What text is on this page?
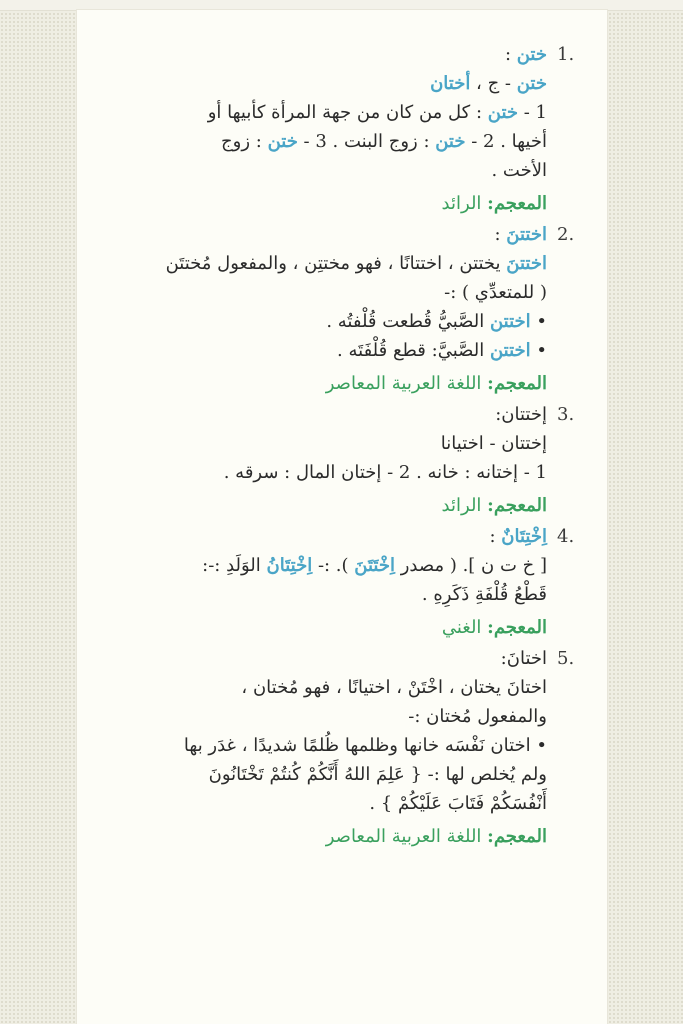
1.
ختن :
ختن - ج ، أختان
1 - ختن : كل من كان من جهة المرأة كأبيها أو
أخيها . 2 - ختن : زوج البنت . 3 - ختن : زوج
الأخت .
المعجم: الرائد
2.
اختتنَ :
اختتنَ يختتن ، اختتانًا ، فهو مختتِن ، والمفعول مُختتَن
( للمتعدِّي ) :-
• اختتن الصَّبيُّ قُطعت قُلْفتُه .
• اختتن الصَّبيَّ: قطع قُلْفَتَه .
المعجم: اللغة العربية المعاصر
3.
إختتان:
إختتان - اختيانا
1 - إختانه : خانه . 2 - إختان المال : سرقه .
المعجم: الرائد
4.
اِخْتِتَانٌ :
[ خ ت ن ]. ( مصدر اِخْتَتَنَ ). :- اِخْتِتَانُ الوَلَدِ :-:
قَطْعُ قُلْفَةِ ذَكَرِهِ .
المعجم: الغني
5.
اختانَ:
اختانَ يختان ، اخْتَنْ ، اختيانًا ، فهو مُختان ،
والمفعول مُختان :-
• اختان نَفْسَه خانها وظلمها ظُلمًا شديدًا ، غدَر بها
ولم يُخلص لها :- { عَلِمَ اللهُ أَنَّكُمْ كُنتُمْ تَخْتَانُونَ
أَنْفُسَكُمْ فَتَابَ عَلَيْكُمْ } .
المعجم: اللغة العربية المعاصر
